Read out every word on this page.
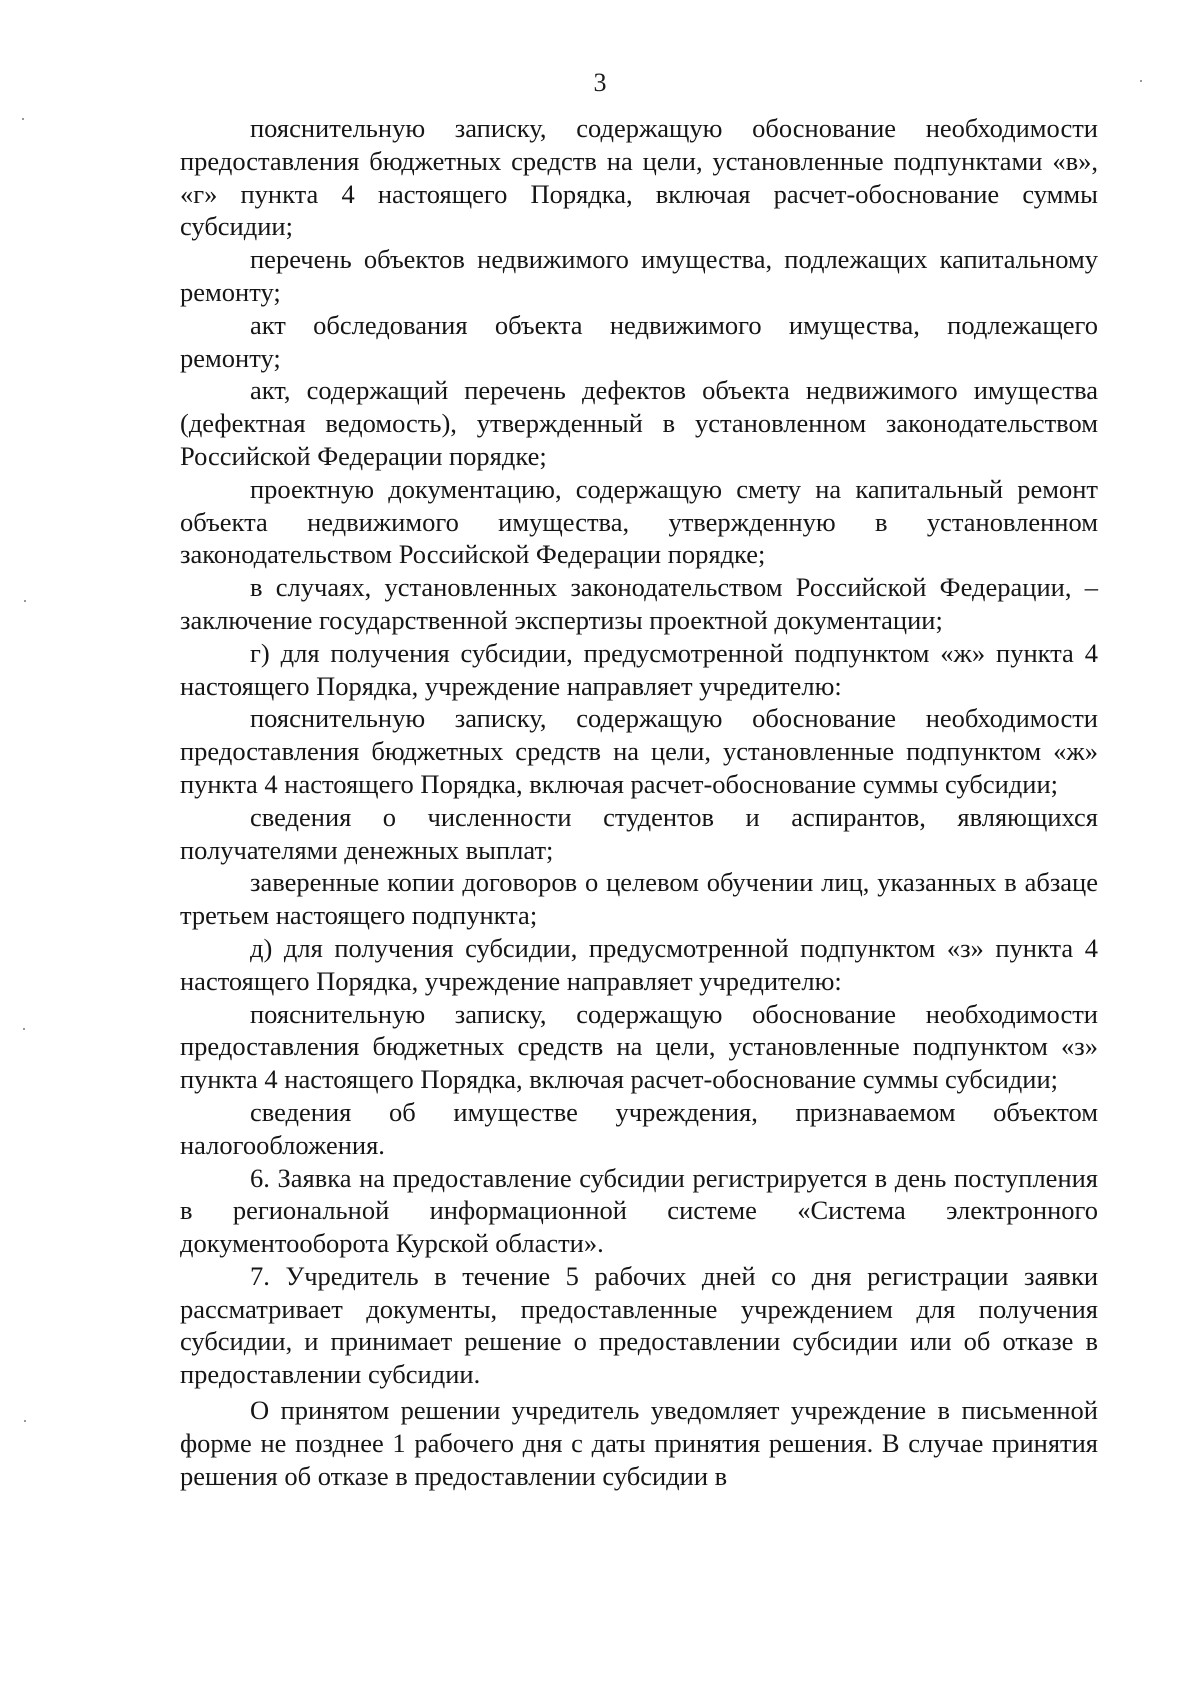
3

пояснительную записку, содержащую обоснование необходимости предоставления бюджетных средств на цели, установленные подпунктами «в», «г» пункта 4 настоящего Порядка, включая расчет-обоснование суммы субсидии;

перечень объектов недвижимого имущества, подлежащих капитальному ремонту;

акт обследования объекта недвижимого имущества, подлежащего ремонту;

акт, содержащий перечень дефектов объекта недвижимого имущества (дефектная ведомость), утвержденный в установленном законодательством Российской Федерации порядке;

проектную документацию, содержащую смету на капитальный ремонт объекта недвижимого имущества, утвержденную в установленном законодательством Российской Федерации порядке;

в случаях, установленных законодательством Российской Федерации, – заключение государственной экспертизы проектной документации;

г) для получения субсидии, предусмотренной подпунктом «ж» пункта 4 настоящего Порядка, учреждение направляет учредителю:

пояснительную записку, содержащую обоснование необходимости предоставления бюджетных средств на цели, установленные подпунктом «ж» пункта 4 настоящего Порядка, включая расчет-обоснование суммы субсидии;

сведения о численности студентов и аспирантов, являющихся получателями денежных выплат;

заверенные копии договоров о целевом обучении лиц, указанных в абзаце третьем настоящего подпункта;

д) для получения субсидии, предусмотренной подпунктом «з» пункта 4 настоящего Порядка, учреждение направляет учредителю:

пояснительную записку, содержащую обоснование необходимости предоставления бюджетных средств на цели, установленные подпунктом «з» пункта 4 настоящего Порядка, включая расчет-обоснование суммы субсидии;

сведения об имуществе учреждения, признаваемом объектом налогообложения.

6. Заявка на предоставление субсидии регистрируется в день поступления в региональной информационной системе «Система электронного документооборота Курской области».

7. Учредитель в течение 5 рабочих дней со дня регистрации заявки рассматривает документы, предоставленные учреждением для получения субсидии, и принимает решение о предоставлении субсидии или об отказе в предоставлении субсидии.

О принятом решении учредитель уведомляет учреждение в письменной форме не позднее 1 рабочего дня с даты принятия решения. В случае принятия решения об отказе в предоставлении субсидии в
